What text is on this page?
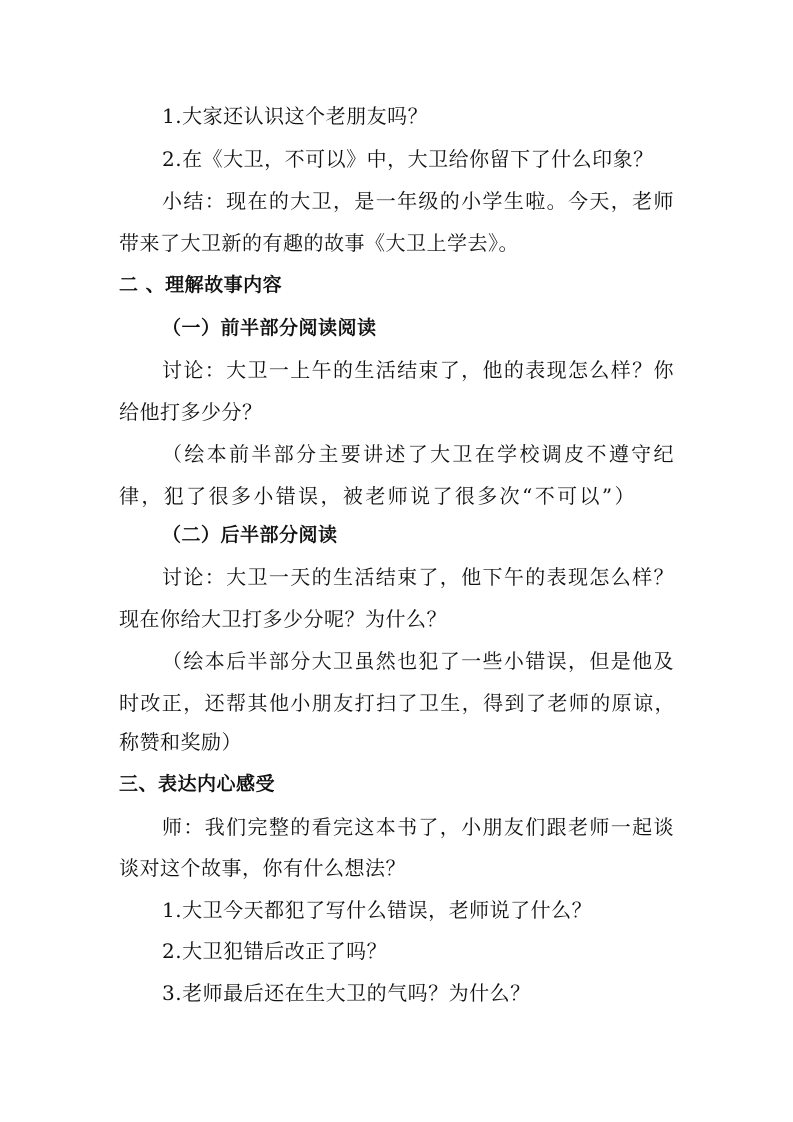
1.大家还认识这个老朋友吗？
2.在《大卫，不可以》中，大卫给你留下了什么印象？
小结：现在的大卫，是一年级的小学生啦。今天，老师
带来了大卫新的有趣的故事《大卫上学去》。
二 、理解故事内容
（一）前半部分阅读阅读
讨论：大卫一上午的生活结束了，他的表现怎么样？你
给他打多少分？
（绘本前半部分主要讲述了大卫在学校调皮不遵守纪
律，犯了很多小错误，被老师说了很多次“不可以”）
（二）后半部分阅读
讨论：大卫一天的生活结束了，他下午的表现怎么样？
现在你给大卫打多少分呢？为什么？
（绘本后半部分大卫虽然也犯了一些小错误，但是他及
时改正，还帮其他小朋友打扫了卫生，得到了老师的原谅，
称赞和奖励）
三、表达内心感受
师：我们完整的看完这本书了，小朋友们跟老师一起谈
谈对这个故事，你有什么想法？
1.大卫今天都犯了写什么错误，老师说了什么？
2.大卫犯错后改正了吗？
3.老师最后还在生大卫的气吗？为什么？
